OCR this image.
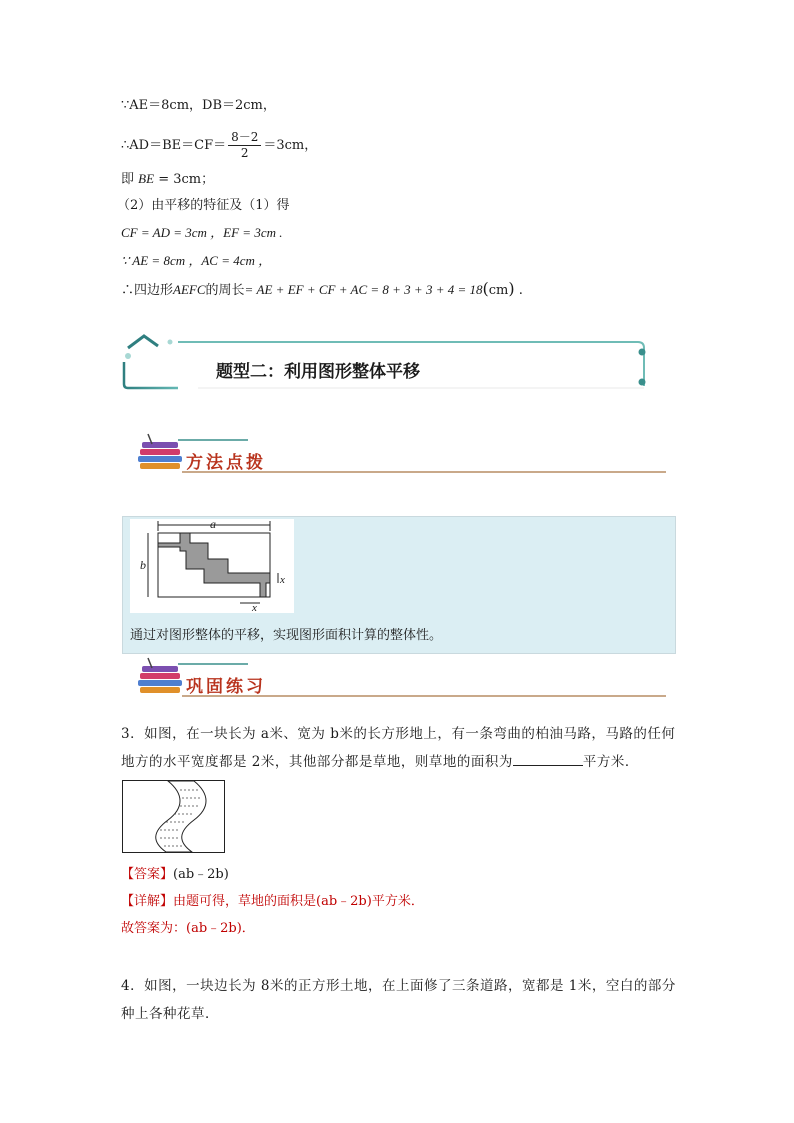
∵AE＝8cm，DB＝2cm，
∴AD＝BE＝CF＝ $\frac{8-2}{2} =3cm$，
即 BE = 3cm；
（2）由平移的特征及（1）得
CF = AD = 3cm ，EF = 3cm .
∵ AE = 8cm ，AC = 4cm ，
∴四边形AEFC的周长= AE + EF + CF + AC = 8 + 3 + 3 + 4 = 18(cm) .
题型二：利用图形整体平移
方法点拨
a
b
x
x
通过对图形整体的平移，实现图形面积计算的整体性。
巩固练习
3．如图，在一块长为 a米、宽为 b米的长方形地上，有一条弯曲的柏油马路，马路的任何
地方的水平宽度都是 2米，其他部分都是草地，则草地的面积为	平方米．
【答案】(ab﹣2b)
【详解】由题可得，草地的面积是(ab﹣2b)平方米．
故答案为：(ab﹣2b)．
4．如图，一块边长为 8米的正方形土地，在上面修了三条道路，宽都是 1米，空白的部分
种上各种花草．
